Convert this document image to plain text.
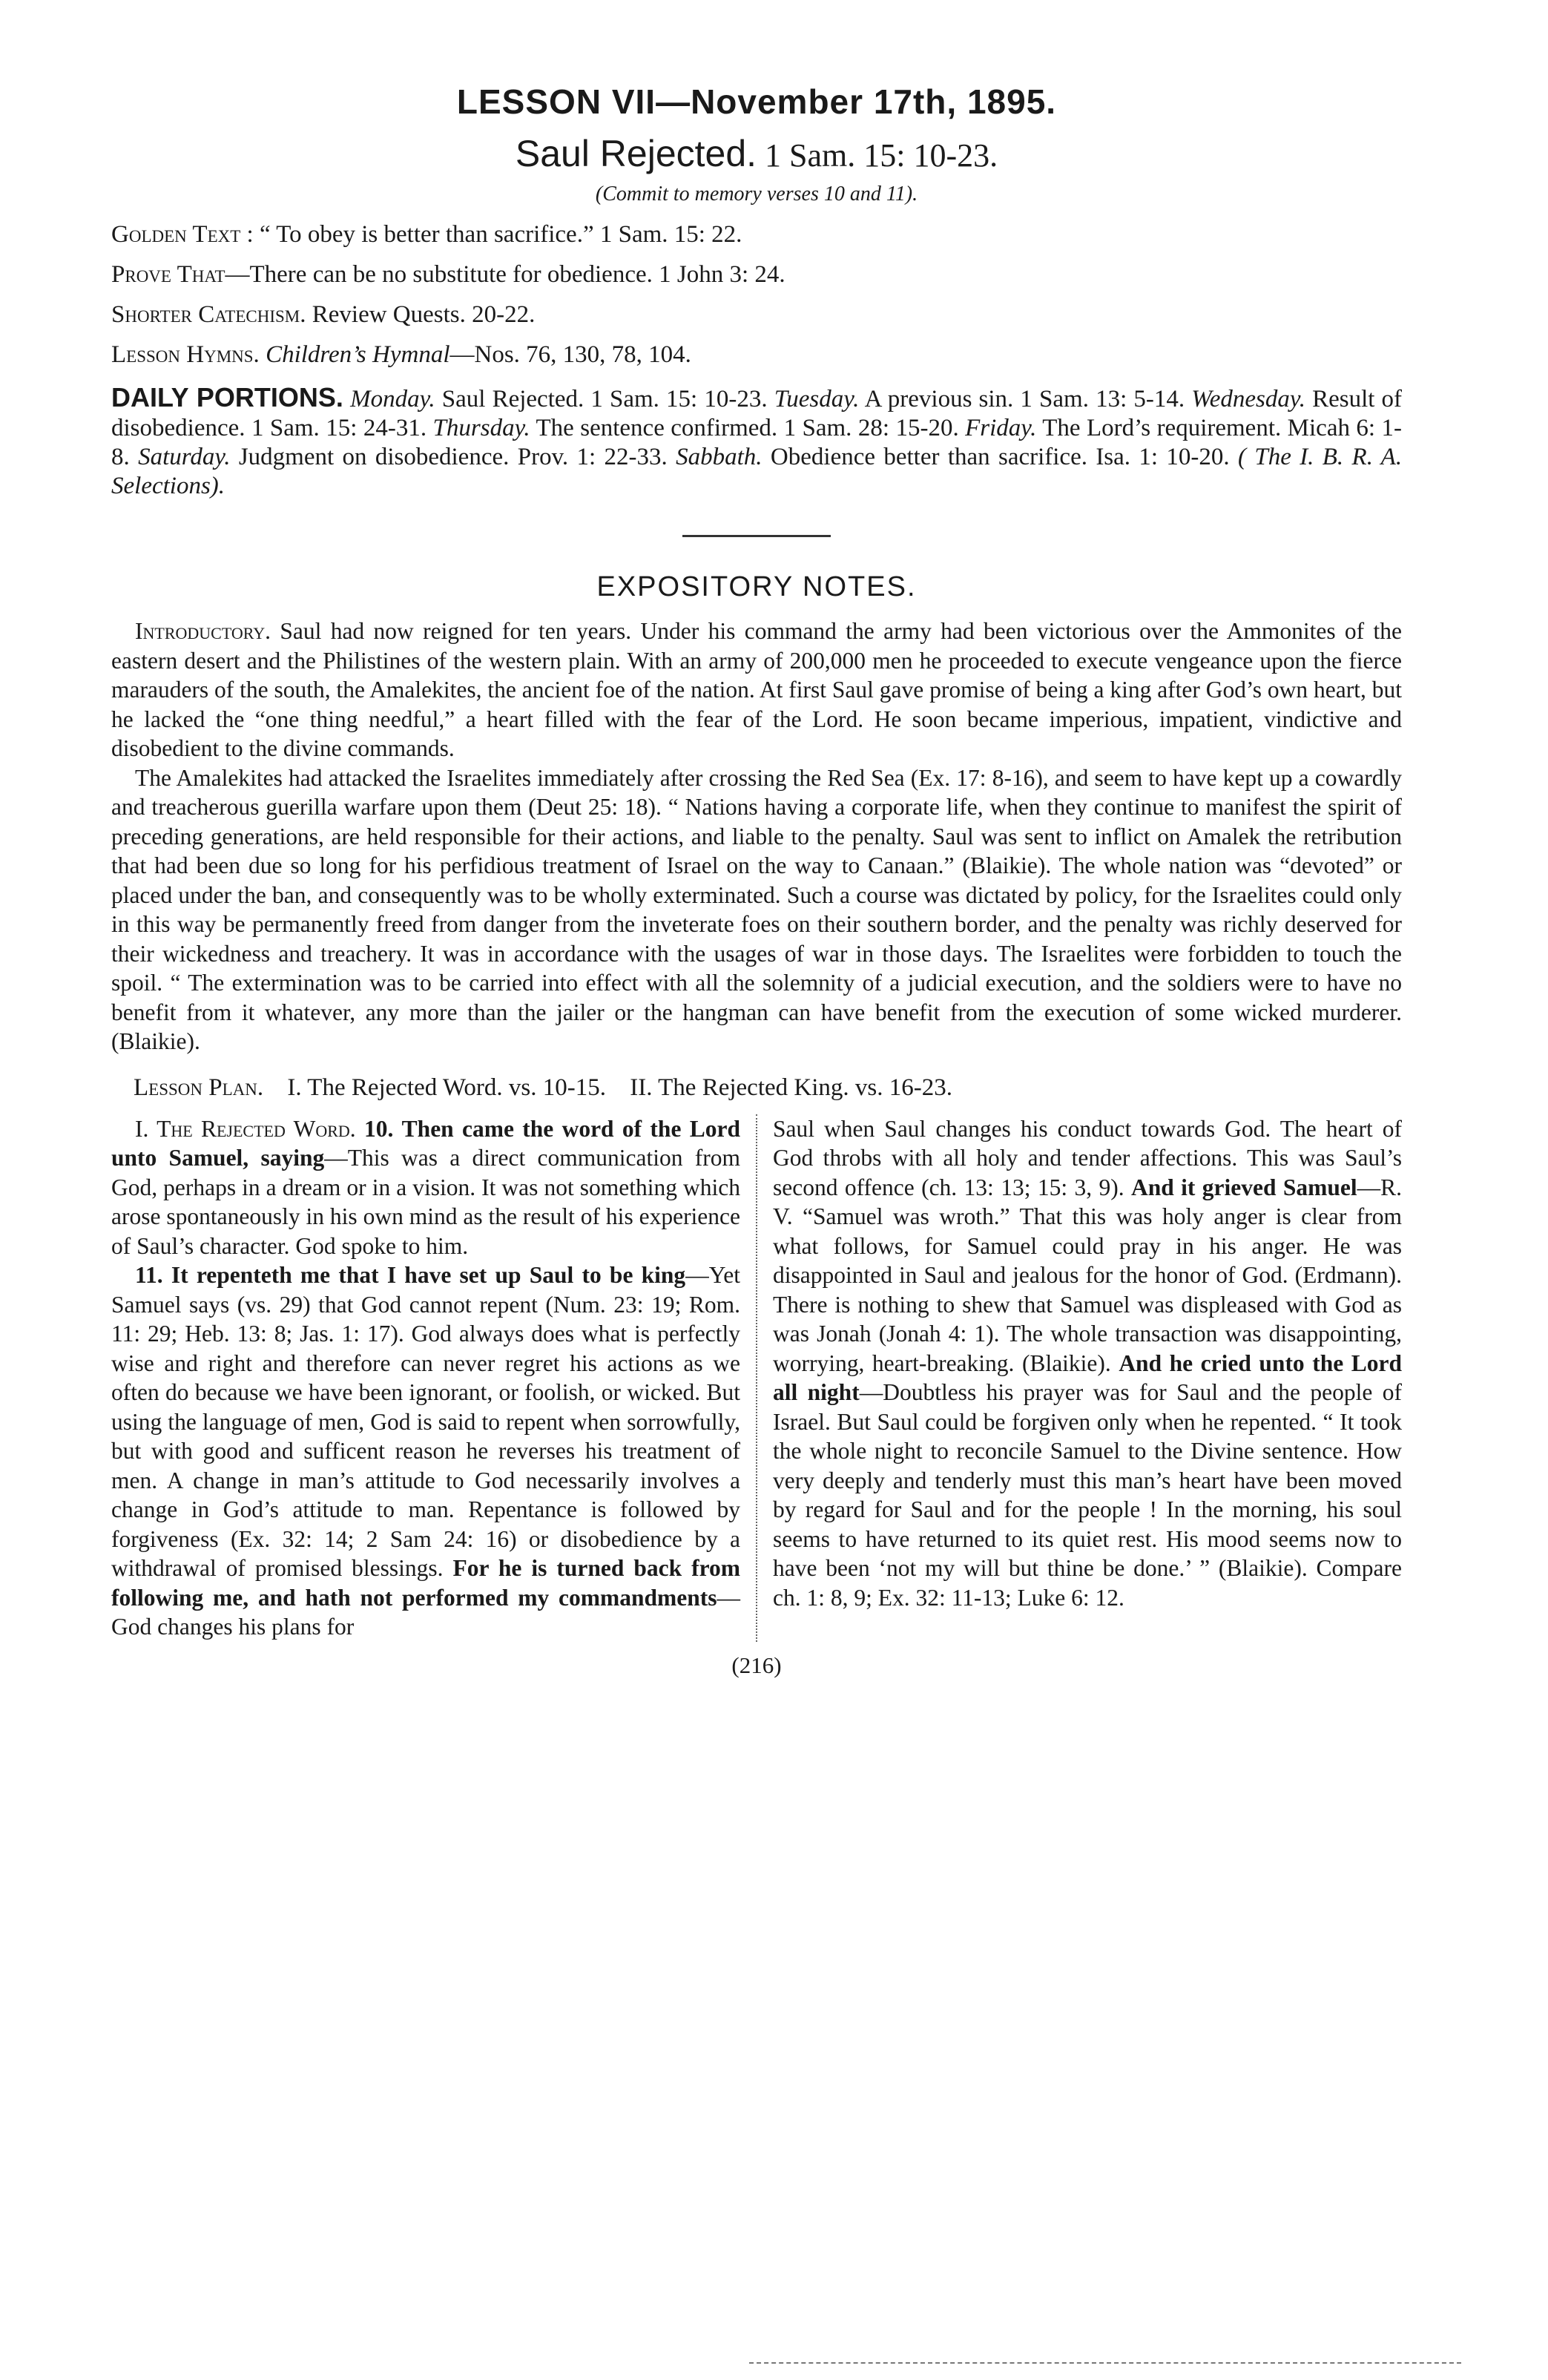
LESSON VII—November 17th, 1895.
Saul Rejected. 1 Sam. 15: 10-23.
(Commit to memory verses 10 and 11).
Golden Text : “ To obey is better than sacrifice.” 1 Sam. 15: 22.
Prove That—There can be no substitute for obedience. 1 John 3: 24.
Shorter Catechism. Review Quests. 20-22.
Lesson Hymns. Children’s Hymnal—Nos. 76, 130, 78, 104.

DAILY PORTIONS. Monday. Saul Rejected. 1 Sam. 15: 10-23. Tuesday. A previous sin. 1 Sam. 13: 5-14. Wednesday. Result of disobedience. 1 Sam. 15: 24-31. Thursday. The sentence confirmed. 1 Sam. 28: 15-20. Friday. The Lord’s requirement. Micah 6: 1-8. Saturday. Judgment on disobedience. Prov. 1: 22-33. Sabbath. Obedience better than sacrifice. Isa. 1: 10-20. ( The I. B. R. A. Selections).

EXPOSITORY NOTES.

Introductory. Saul had now reigned for ten years. Under his command the army had been victorious over the Ammonites of the eastern desert and the Philistines of the western plain. With an army of 200,000 men he proceeded to execute vengeance upon the fierce marauders of the south, the Amalekites, the ancient foe of the nation. At first Saul gave promise of being a king after God’s own heart, but he lacked the “one thing needful,” a heart filled with the fear of the Lord. He soon became imperious, impatient, vindictive and disobedient to the divine commands.

The Amalekites had attacked the Israelites immediately after crossing the Red Sea (Ex. 17: 8-16), and seem to have kept up a cowardly and treacherous guerilla warfare upon them (Deut 25: 18). “ Nations having a corporate life, when they continue to manifest the spirit of preceding generations, are held responsible for their actions, and liable to the penalty. Saul was sent to inflict on Amalek the retribution that had been due so long for his perfidious treatment of Israel on the way to Canaan.” (Blaikie). The whole nation was “devoted” or placed under the ban, and consequently was to be wholly exterminated. Such a course was dictated by policy, for the Israelites could only in this way be permanently freed from danger from the inveterate foes on their southern border, and the penalty was richly deserved for their wickedness and treachery. It was in accordance with the usages of war in those days. The Israelites were forbidden to touch the spoil. “ The extermination was to be carried into effect with all the solemnity of a judicial execution, and the soldiers were to have no benefit from it whatever, any more than the jailer or the hangman can have benefit from the execution of some wicked murderer. (Blaikie).

Lesson Plan. I. The Rejected Word. vs. 10-15. II. The Rejected King. vs. 16-23.

I. The Rejected Word. 10. Then came the word of the Lord unto Samuel, saying—This was a direct communication from God, perhaps in a dream or in a vision. It was not something which arose spontaneously in his own mind as the result of his experience of Saul’s character. God spoke to him.

11. It repenteth me that I have set up Saul to be king—Yet Samuel says (vs. 29) that God cannot repent (Num. 23: 19; Rom. 11: 29; Heb. 13: 8; Jas. 1: 17). God always does what is perfectly wise and right and therefore can never regret his actions as we often do because we have been ignorant, or foolish, or wicked. But using the language of men, God is said to repent when sorrowfully, but with good and sufficent reason he reverses his treatment of men. A change in man’s attitude to God necessarily involves a change in God’s attitude to man. Repentance is followed by forgiveness (Ex. 32: 14; 2 Sam 24: 16) or disobedience by a withdrawal of promised blessings. For he is turned back from following me, and hath not performed my commandments—God changes his plans for

Saul when Saul changes his conduct towards God. The heart of God throbs with all holy and tender affections. This was Saul’s second offence (ch. 13: 13; 15: 3, 9). And it grieved Samuel—R. V. “Samuel was wroth.” That this was holy anger is clear from what follows, for Samuel could pray in his anger. He was disappointed in Saul and jealous for the honor of God. (Erdmann). There is nothing to shew that Samuel was displeased with God as was Jonah (Jonah 4: 1). The whole transaction was disappointing, worrying, heart-breaking. (Blaikie). And he cried unto the Lord all night—Doubtless his prayer was for Saul and the people of Israel. But Saul could be forgiven only when he repented. “ It took the whole night to reconcile Samuel to the Divine sentence. How very deeply and tenderly must this man’s heart have been moved by regard for Saul and for the people ! In the morning, his soul seems to have returned to its quiet rest. His mood seems now to have been ‘not my will but thine be done.’ ” (Blaikie). Compare ch. 1: 8, 9; Ex. 32: 11-13; Luke 6: 12.

(216)
